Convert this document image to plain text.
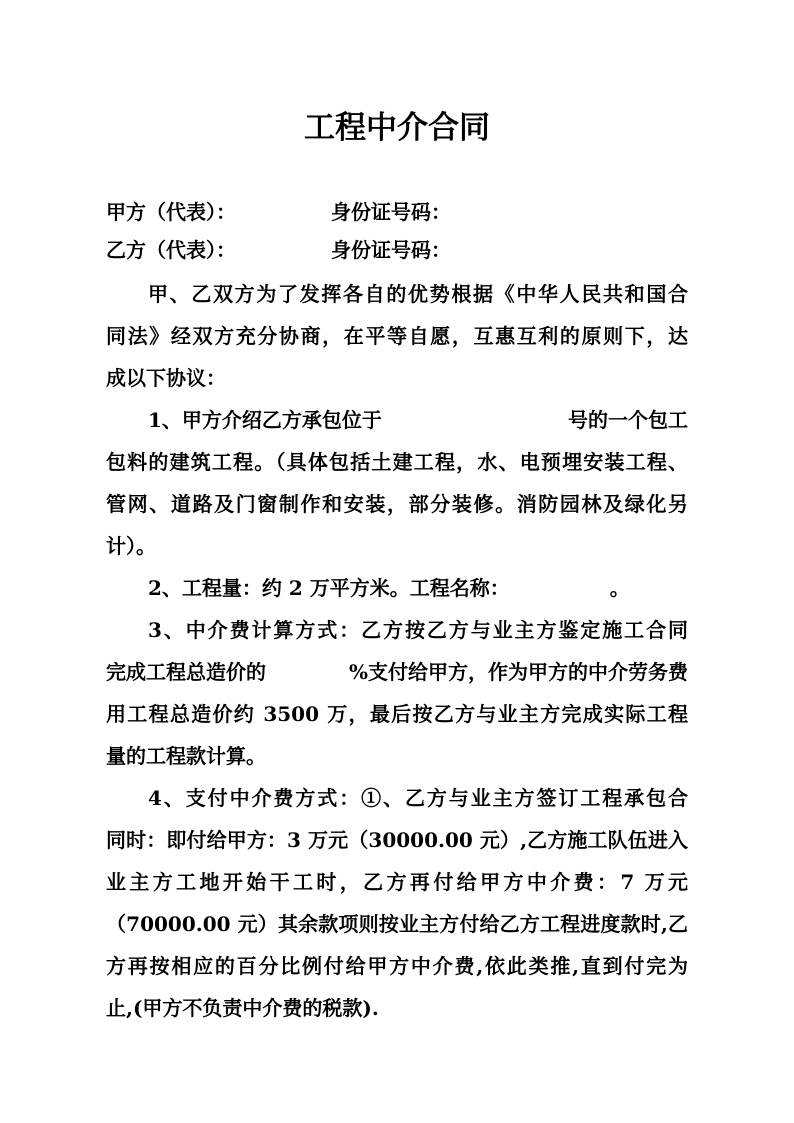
工程中介合同
甲方（代表）：	身份证号码：
乙方（代表）：	身份证号码：
甲、乙双方为了发挥各自的优势根据《中华人民共和国合
同法》经双方充分协商，在平等自愿，互惠互利的原则下，达
成以下协议：
1、甲方介绍乙方承包位于	号的一个包工
包料的建筑工程。（具体包括土建工程，水、电预埋安装工程、
管网、道路及门窗制作和安装，部分装修。消防园林及绿化另
计）。
2、工程量：约 2 万平方米。工程名称：	。
3、中介费计算方式：乙方按乙方与业主方鉴定施工合同
完成工程总造价的	%支付给甲方，作为甲方的中介劳务费
用工程总造价约 3500 万，最后按乙方与业主方完成实际工程
量的工程款计算。
4、支付中介费方式：①、乙方与业主方签订工程承包合
同时：即付给甲方：3 万元（30000.00 元）,乙方施工队伍进入
业主方工地开始干工时，乙方再付给甲方中介费：7 万元
（70000.00 元）其余款项则按业主方付给乙方工程进度款时,乙
方再按相应的百分比例付给甲方中介费,依此类推,直到付完为
止,(甲方不负责中介费的税款).
